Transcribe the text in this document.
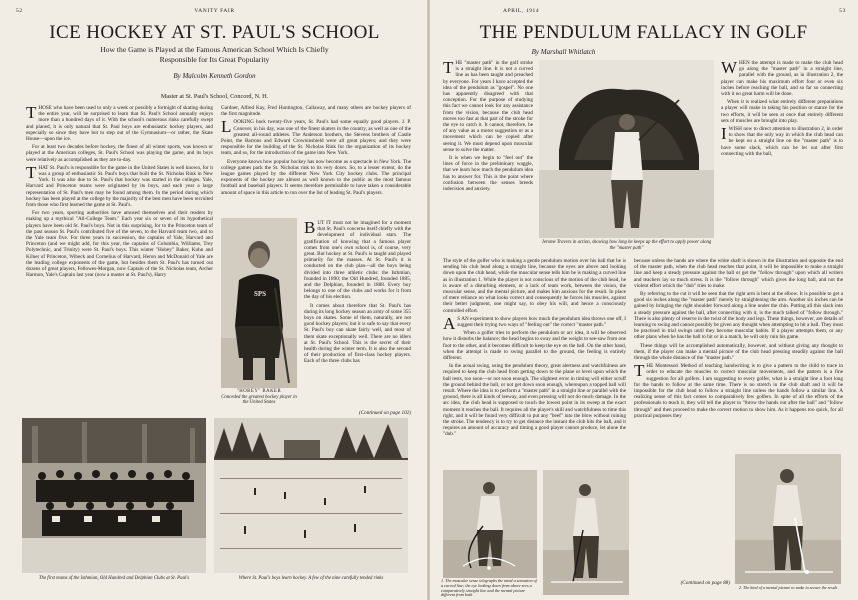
52	VANITY FAIR
ICE HOCKEY AT ST. PAUL'S SCHOOL
How the Game is Played at the Famous American School Which Is Chiefly
Responsible for Its Great Popularity
By Malcolm Kenneth Gordon
Master at St. Paul's School, Concord, N. H.

THOSE who have been used to only a week or possibly a fortnight of skating during the entire year, will be surprised to learn that St. Paul's School annually enjoys more than a hundred days of it. With the school's numerous rinks carefully swept and planed, it is only natural that St. Paul boys are enthusiastic hockey players, and especially so since they have but to step out of the Gymnasium—or rather, the Skate House—upon the ice.

For at least two decades before hockey, the finest of all winter sports, was known or played at the American colleges, St. Paul's School was playing the game, and its boys were relatively as accomplished as they are to-day.

THAT St. Paul's is responsible for the game in the United States is well known, for it was a group of enthusiastic St. Paul's boys that built the St. Nicholas Rink in New York. It was also due to St. Paul's that hockey was started in the colleges. Yale, Harvard and Princeton teams were originated by its boys, and each year a large representation of St. Paul's men may be found among them. In the period during which hockey has been played at the college by the majority of the best men have been recruited from those who first learned the game at St. Paul's.

For two years, sporting authorities have amused themselves and their readers by making up a mythical "All-College Team." Each year six or seven of its hypothetical players have been old St. Paul's boys. Not in this surprising, for to the Princeton team of the past season St. Paul's contributed five of the seven, to the Harvard team two, and to the Yale team five. For three years in succession, the captains of Yale, Harvard and Princeton (and we might add, for this year, the captains of Columbia, Williams, Trey Polytechnic, and Trinity) were St. Paul's boys. This winter "Hobey" Baker, Kuhn and Kilner of Princeton, Wibeck and Cornelius of Harvard, Heron and McDonald of Yale are the leading college exponents of the game, but besides them St. Paul's has turned out dozens of great players, Fellowes-Morgan, now Captain of the St. Nicholas team, Archer Harmon, Yale's Captain last year (now a master at St. Paul's), Harry

Gardner, Alfred Kay, Fred Huntington, Callaway, and many others are hockey players of the first magnitude.

LOOKING back twenty-five years, St. Paul's had some equally good players. J. P. Conover, in his day, was one of the finest skaters in the country, as well as one of the greatest all-round athletes. The Anderson brothers, the Stevens brothers of Castle Point, the Barrons and Edward Crowninshield were all great players; and they were responsible for the building of the St. Nicholas Rink for the organization of its hockey team, and so, for the introduction of the game into New York.

Everyone knows how popular hockey has now become as a spectacle in New York. The college games pack the St. Nicholas rink to its very doors. So, to a lesser extent, do the league games played by the different New York City hockey clubs. The principal exponents of the hockey are almost as well known to the public as the most famous football and baseball players. It seems therefore permissible to have taken a considerable amount of space in this article to run over the list of leading St. Paul's players.

SPS
"HOBEY" BAKER
Conceded the greatest hockey player in the United States

BUT IT must not be imagined for a moment that St. Paul's concerns itself chiefly with the development of individual stars. The gratification of knowing that a famous player comes from one's own school is, of course, very great. But hockey at St. Paul's is taught and played primarily for the masses. At St. Paul's it is conducted on the club plan—all the boys being divided into three athletic clubs: the Isthmian, founded in 1890; the Old Hundred, founded 1885, and the Delphian, founded in 1888. Every boy belongs to one of the clubs and works for it from the day of his election.

It comes about therefore that St. Paul's has during its long hockey season an army of some 355 boys on skates. Some of them, naturally, are not good hockey players; but it is safe to say that every St. Paul's boy can skate fairly well, and most of them skate exceptionally well. There are no idlers at St. Paul's School. This is the secret of their health during the winter term. It is also the second of their production of first-class hockey players. Each of the three clubs has

(Continued on page 102)
The first teams of the Isthmian, Old Hundred and Delphian Clubs at St. Paul's	Where St. Paul's boys learn hockey. A few of the nine carefully tended rinks
APRIL, 1914	53
THE PENDULUM FALLACY IN GOLF
By Marshall Whitlatch

THE "master path" in the golf stroke is a straight line. It is not a curved line as has been taught and preached by everyone. For years I have accepted the idea of the pendulum as "gospel". No one has apparently disagreed with that conception. For the purpose of studying this fact we cannot look for any assistance from the vision, because the club head moves too fast at that part of the stroke for the eye to catch it. It cannot, therefore, be of any value as a motor suggestion or as a movement which can be copied after seeing it. We must depend upon muscular sense to solve the matter.

It is when we begin to "feel out" the lines of force in the preliminary waggle, that we learn how much the pendulum idea has to answer for. This is the point where confusion between the senses breeds indecision and anxiety.

Jerome Travers in action, showing how long he keeps up the effort to apply power along the "master path"

WHEN the attempt is made to make the club head go along the "master path" in a straight line, parallel with the ground, as in illustration 2, the player can make his maximum effort four or even six inches before reaching the ball, and so far so connecting with it no great harm will be done.

When it is realized what entirely different preparations a player will make in taking his position or stance for the two efforts, it will be seen at once that entirely different sets of muscles are brought into play.

IWISH now to direct attention to illustration 2, in order to show that the only way in which the club head can be kept on a straight line on the "master path" is to have some slack, which can be let out after first connecting with the ball,

The style of the golfer who is making a gentle pendulum motion over his ball that he is sending his club head along a straight line, because the eyes are above and looking down upon the club head, while the muscular sense tells him he is making a curved line as in illustration 1. While the player is not conscious of the motion of the club head, he is aware of a disturbing element, or a lack of team work, between the vision, the muscular sense, and the mental picture, and makes him anxious for the result. In place of mere reliance on what looks correct and consequently he forces his muscles, against their better judgment, one might say, to obey his will, and hence a consciously controlled effort.

A S AN experiment to show players how much the pendulum idea throws one off, I suggest their trying two ways of "feeling out" the correct "master path."

When a golfer tries to perform the pendulum or arc idea, it will be observed how it disturbs the balance; the head begins to sway and the weight to see-saw from one foot to the other, and it becomes difficult to keep the eye on the ball. On the other hand, when the attempt is made to swing parallel to the ground, the feeling is entirely different.

In the actual swing, using the pendulum theory, great alertness and watchfulness are required to keep the club head from getting down to the plane or level upon which the ball rests, too soon—or not soon enough. The slightest error in timing will either scruff the ground behind the ball, or not get down soon enough, whereupon a topped ball will result. Where the idea is to perform a "master path" in a straight line or parallel with the ground, there is all kinds of leeway, and even pressing will not do much damage. In the arc idea, the club head is supposed to touch the lowest point in its sweep at the exact moment it reaches the ball. It requires all the player's skill and watchfulness to time this right, and it will be found very difficult to put any "beef" into the blow without ruining the stroke. The tendency is to try to get distance the instant the club hits the ball, and it requires an amount of accuracy and timing a good player cannot produce, let alone the "dub."

because unless the hands are where the white shaft is shown in the illustration and opposite the end of the master path, when the club head reaches that point, it will be impossible to make a straight line and keep a steady pressure against the ball or get the "follow through" upon which all writers and teachers lay so much stress. It is the "follow through" which gives the long ball, and not the violent effort which the "dub" tries to make.

By referring to the cut it will be seen that the right arm is bent at the elbow. It is possible to get a good six inches along the "master path" merely by straightening the arm. Another six inches can be gained by bringing the right shoulder forward along a line under the chin. Putting all this slack into a steady pressure against the ball, after connecting with it, is the much talked of "follow through." There is also plenty of reserve in the twist of the body and legs. These things, however, are details of learning to swing and cannot possibly be given any thought when attempting to hit a ball. They must be practised in trial swings until they become muscular habits. If a player attempts them, or any other plans when he has the ball to hit or in a match, he will only ruin his game.

These things will be accomplished automatically, however, and without giving any thought to them, if the player can make a mental picture of the club head pressing steadily against the ball through the whole distance of the "master path."

THE Montessori Method of teaching handwriting is to give a pattern to the child to trace in order to educate the muscles to correct muscular movements, and the pattern is a fine suggestion for all golfers. I am suggesting to every golfer, what is a straight line a foot long for the hands to follow at the same time. There is no stretch in the club shaft and it will be impossible for the club head to follow a straight line unless the hands follow a similar line. A realizing sense of this fact comes to comparatively few golfers. In spite of all the efforts of the professionals to teach it, they will tell the player to "throw the hands out after the ball" and "follow through" and then proceed to make the correct motion to show him. As it happens too quick, for all practical purposes they

1. The muscular sense telegraphs the mind a sensation of a curved line; the eye looking down from above sees a comparatively straight line and the mental picture different from both
(Continued on page 88)
2. The kind of a mental picture to make to secure the result
